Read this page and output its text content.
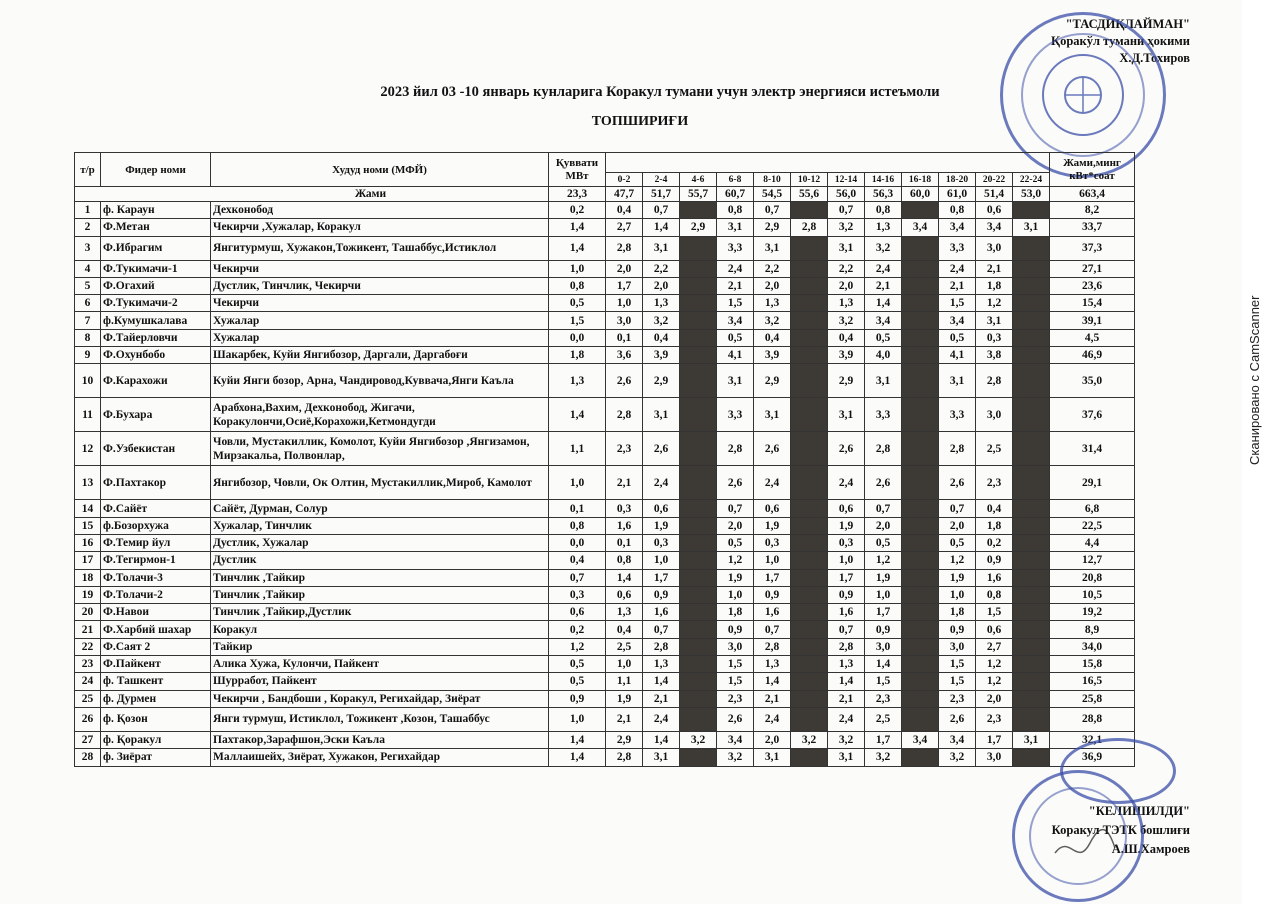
"ТАСДИҚЛАЙМАН"
Қоракўл тумани ҳокими
Х.Д.Тохиров
2023 йил 03 -10 январь кунларига Коракул тумани учун электр энергияси истеъмоли
ТОПШИРИҒИ
т/р	Фидер номи	Худуд номи (МФЙ)	Қуввати МВт													Жами,минг кВт*соат
				0-2	2-4	4-6	6-8	8-10	10-12	12-14	14-16	16-18	18-20	20-22	22-24	
Жами			23,3	47,7	51,7	55,7	60,7	54,5	55,6	56,0	56,3	60,0	61,0	51,4	53,0	663,4
1	ф. Караун	Дехконобод	0,2	0,4	0,7		0,8	0,7		0,7	0,8		0,8	0,6		8,2
2	Ф.Метан	Чекирчи ,Хужалар, Коракул	1,4	2,7	1,4	2,9	3,1	2,9	2,8	3,2	1,3	3,4	3,4	3,4	3,1	33,7
3	Ф.Ибрагим	Янгитурмуш, Хужакон,Тожикент, Ташаббус,Истиклол	1,4	2,8	3,1		3,3	3,1		3,1	3,2		3,3	3,0		37,3
4	Ф.Тукимачи-1	Чекирчи	1,0	2,0	2,2		2,4	2,2		2,2	2,4		2,4	2,1		27,1
5	Ф.Огахий	Дустлик, Тинчлик, Чекирчи	0,8	1,7	2,0		2,1	2,0		2,0	2,1		2,1	1,8		23,6
6	Ф.Тукимачи-2	Чекирчи	0,5	1,0	1,3		1,5	1,3		1,3	1,4		1,5	1,2		15,4
7	ф.Кумушкалава	Хужалар	1,5	3,0	3,2		3,4	3,2		3,2	3,4		3,4	3,1		39,1
8	Ф.Тайерловчи	Хужалар	0,0	0,1	0,4		0,5	0,4		0,4	0,5		0,5	0,3		4,5
9	Ф.Охунбобо	Шакарбек, Куйи Янгибозор, Даргали, Даргабоғи	1,8	3,6	3,9		4,1	3,9		3,9	4,0		4,1	3,8		46,9
10	Ф.Карахожи	Куйи Янги бозор, Арна, Чандировод,Куввача,Янги Каъла	1,3	2,6	2,9		3,1	2,9		2,9	3,1		3,1	2,8		35,0
11	Ф.Бухара	Арабхона,Вахим, Дехконобод, Жигачи, Коракулончи,Осиё,Корахожи,Кетмондугди	1,4	2,8	3,1		3,3	3,1		3,1	3,3		3,3	3,0		37,6
12	Ф.Узбекистан	Човли, Мустакиллик, Комолот, Куйи Янгибозор ,Янгизамон, Мирзакальа, Полвонлар,	1,1	2,3	2,6		2,8	2,6		2,6	2,8		2,8	2,5		31,4
13	Ф.Пахтакор	Янгибозор, Човли, Ок Олтин, Мустакиллик,Мироб, Камолот	1,0	2,1	2,4		2,6	2,4		2,4	2,6		2,6	2,3		29,1
14	Ф.Сайёт	Сайёт, Дурман, Солур	0,1	0,3	0,6		0,7	0,6		0,6	0,7		0,7	0,4		6,8
15	ф.Бозорхужа	Хужалар, Тинчлик	0,8	1,6	1,9		2,0	1,9		1,9	2,0		2,0	1,8		22,5
16	Ф.Темир йул	Дустлик, Хужалар	0,0	0,1	0,3		0,5	0,3		0,3	0,5		0,5	0,2		4,4
17	Ф.Тегирмон-1	Дустлик	0,4	0,8	1,0		1,2	1,0		1,0	1,2		1,2	0,9		12,7
18	Ф.Толачи-3	Тинчлик ,Тайкир	0,7	1,4	1,7		1,9	1,7		1,7	1,9		1,9	1,6		20,8
19	Ф.Толачи-2	Тинчлик ,Тайкир	0,3	0,6	0,9		1,0	0,9		0,9	1,0		1,0	0,8		10,5
20	Ф.Навои	Тинчлик ,Тайкир,Дустлик	0,6	1,3	1,6		1,8	1,6		1,6	1,7		1,8	1,5		19,2
21	Ф.Харбий шахар	Коракул	0,2	0,4	0,7		0,9	0,7		0,7	0,9		0,9	0,6		8,9
22	Ф.Саят 2	Тайкир	1,2	2,5	2,8		3,0	2,8		2,8	3,0		3,0	2,7		34,0
23	Ф.Пайкент	Алика Хужа, Кулончи, Пайкент	0,5	1,0	1,3		1,5	1,3		1,3	1,4		1,5	1,2		15,8
24	ф. Ташкент	Шурработ, Пайкент	0,5	1,1	1,4		1,5	1,4		1,4	1,5		1,5	1,2		16,5
25	ф. Дурмен	Чекирчи , Бандбоши , Коракул, Регихайдар, Зиёрат	0,9	1,9	2,1		2,3	2,1		2,1	2,3		2,3	2,0		25,8
26	ф. Қозон	Янги турмуш, Истиклол, Тожикент ,Козон, Ташаббус	1,0	2,1	2,4		2,6	2,4		2,4	2,5		2,6	2,3		28,8
27	ф. Қоракул	Пахтакор,Зарафшон,Эски Каъла	1,4	2,9	1,4	3,2	3,4	2,0	3,2	3,2	1,7	3,4	3,4	1,7	3,1	32,1
28	ф. Зиёрат	Маллаишейх, Зиёрат, Хужакон, Регихайдар	1,4	2,8	3,1		3,2	3,1		3,1	3,2		3,2	3,0		36,9
"КЕЛИШИЛДИ"
Коракул ТЭТК бошлиғи
А.Ш.Хамроев
Сканировано с CamScanner
